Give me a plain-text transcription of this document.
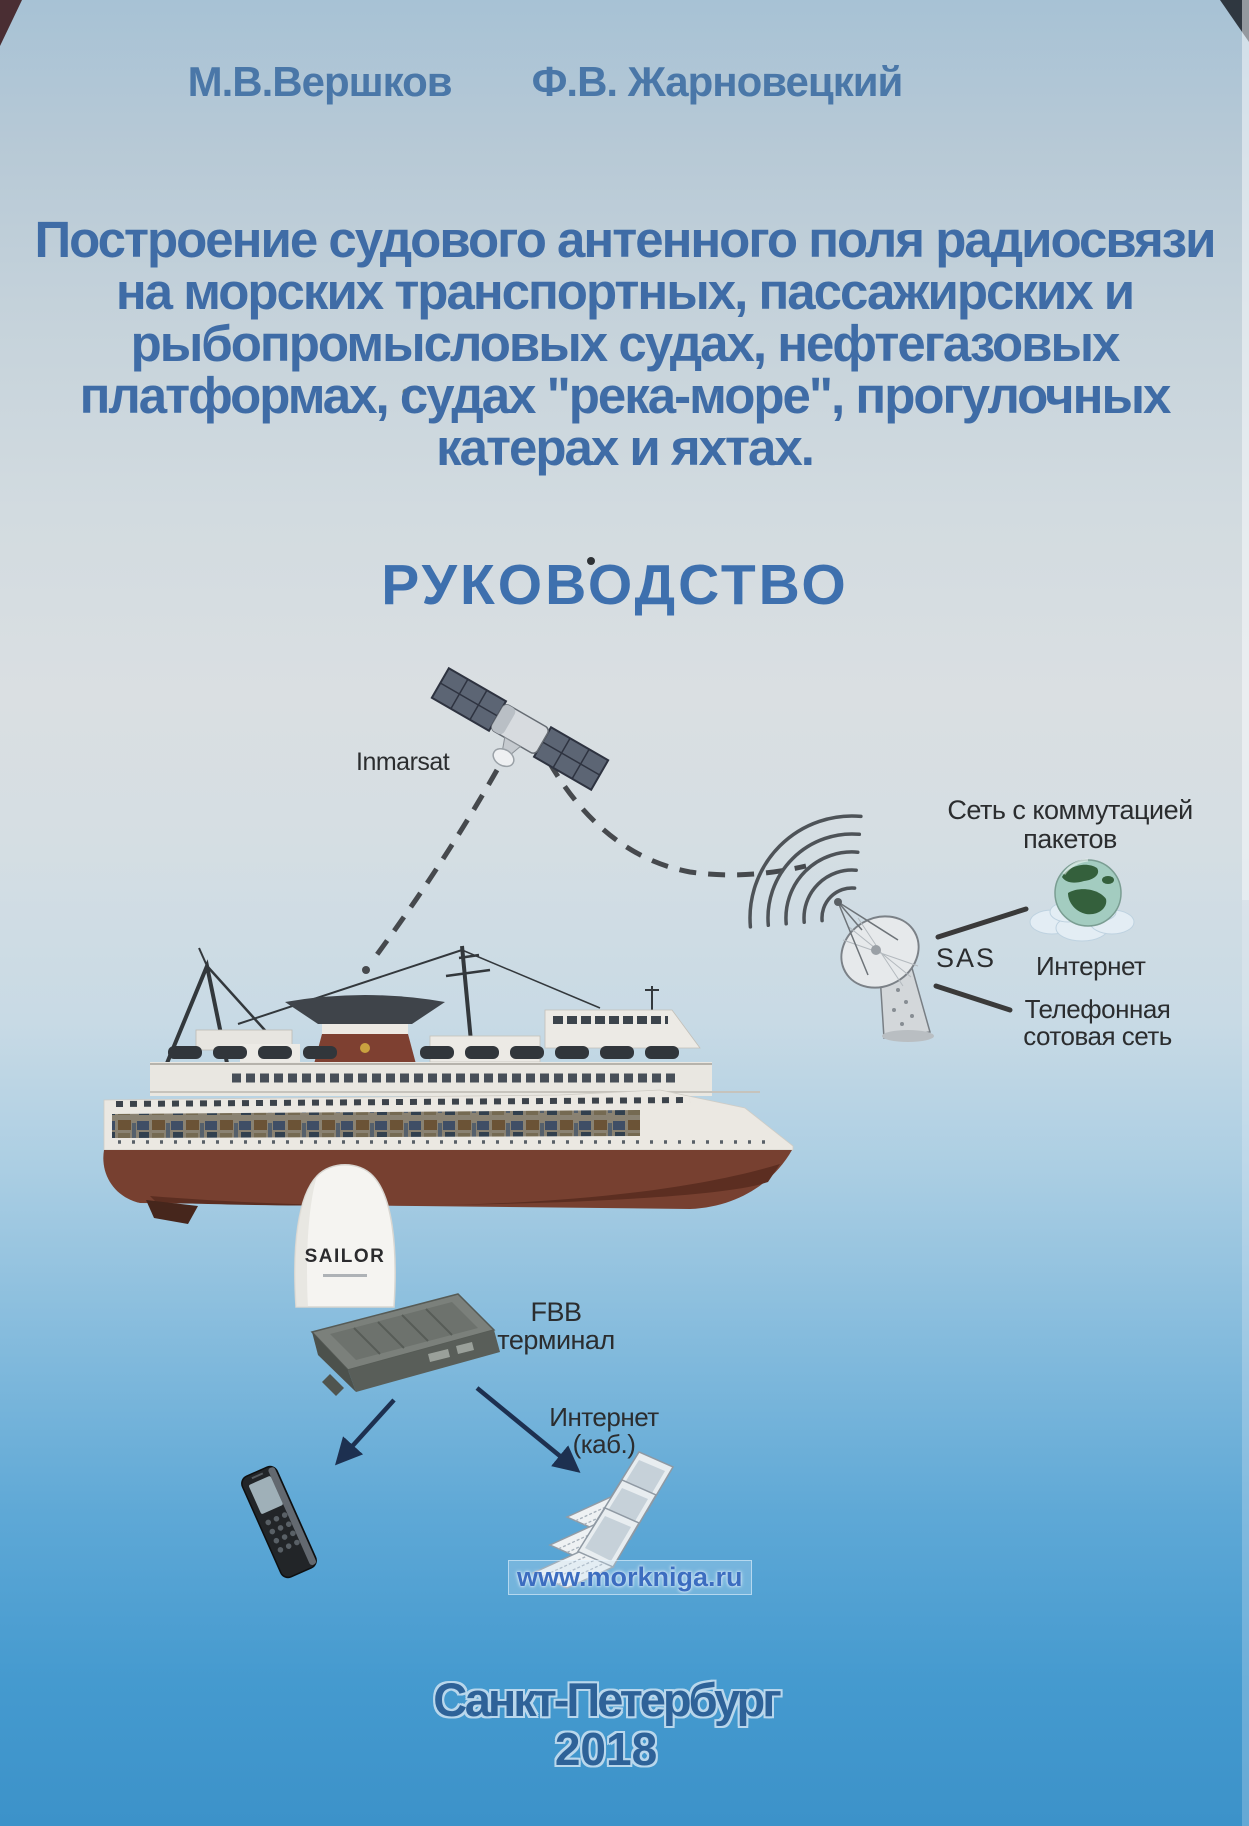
М.В.Вершков Ф.В. Жарновецкий
Построение судового антенного поля радиосвязи
на морских транспортных, пассажирских и
рыбопромысловых судах, нефтегазовых
платформах, судах "река-море", прогулочных
катерах и яхтах.
РУКОВОДСТВО
Inmarsat
Сеть с коммутацией
пакетов
SAS Интернет
Телефонная
сотовая сеть
SAILOR
FBB
терминал
Интернет
(каб.)
www.morkniga.ru
Санкт-Петербург
2018
